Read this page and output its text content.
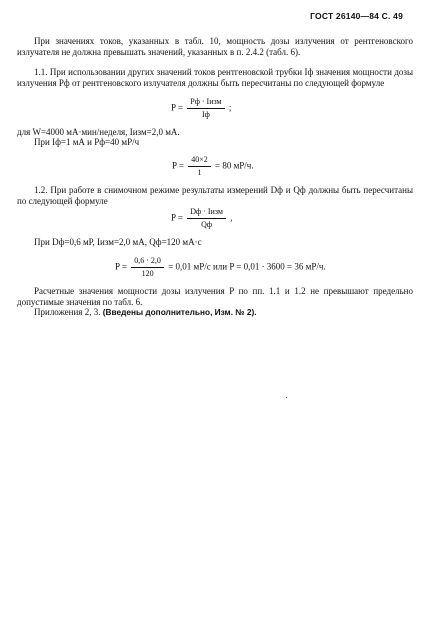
ГОСТ 26140—84 С. 49
При значениях токов, указанных в табл. 10, мощность дозы излучения от рентгеновского излучателя не должна превышать значений, указанных в п. 2.4.2 (табл. 6).
1.1. При использовании других значений токов рентгеновской трубки Iф значения мощности дозы излучения Pф от рентгеновского излучателя должны быть пересчитаны по следующей формуле
$P = \frac{\text{Pф · Iизм}}{Iф}$ ;
для W=4000 мА·мин/неделя, Iизм=2,0 мА.
При Iф=1 мА и Pф=40 мР/ч
$P = \frac{40\times 2}{1} = 80$ мР/ч.
1.2. При работе в снимочном режиме результаты измерений Dф и Qф должны быть пересчитаны по следующей формуле
$P = \frac{\text{Dф · Iизм}}{Qф}$ ,
При Dф=0,6 мР, Iизм=2,0 мА, Qф=120 мА·с
$P = \frac{0,6 \cdot 2,0}{120} = 0,01$ мР/с или P = 0,01 · 3600 = 36 мР/ч.
Расчетные значения мощности дозы излучения P по пп. 1.1 и 1.2 не превышают предельно допустимые значения по табл. 6.
Приложения 2, 3. (Введены дополнительно, Изм. № 2).
